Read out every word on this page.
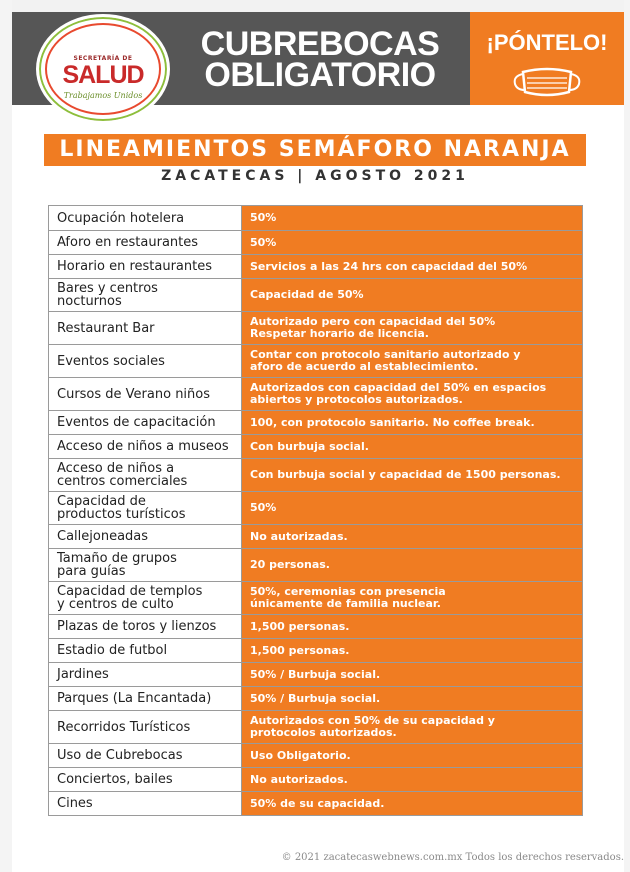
SECRETARÍA DE
SALUD
Trabajamos Unidos
CUBREBOCAS
OBLIGATORIO
¡PÓNTELO!
LINEAMIENTOS SEMÁFORO NARANJA
ZACATECAS | AGOSTO 2021
Ocupación hotelera	50%
Aforo en restaurantes	50%
Horario en restaurantes	Servicios a las 24 hrs con capacidad del 50%
Bares y centros
nocturnos	Capacidad de 50%
Restaurant Bar	Autorizado pero con capacidad del 50%
Respetar horario de licencia.
Eventos sociales	Contar con protocolo sanitario autorizado y
aforo de acuerdo al establecimiento.
Cursos de Verano niños	Autorizados con capacidad del 50% en espacios
abiertos y protocolos autorizados.
Eventos de capacitación	100, con protocolo sanitario. No coffee break.
Acceso de niños a museos	Con burbuja social.
Acceso de niños a
centros comerciales	Con burbuja social y capacidad de 1500 personas.
Capacidad de
productos turísticos	50%
Callejoneadas	No autorizadas.
Tamaño de grupos
para guías	20 personas.
Capacidad de templos
y centros de culto	50%, ceremonias con presencia
únicamente de familia nuclear.
Plazas de toros y lienzos	1,500 personas.
Estadio de futbol	1,500 personas.
Jardines	50% / Burbuja social.
Parques (La Encantada)	50% / Burbuja social.
Recorridos Turísticos	Autorizados con 50% de su capacidad y
protocolos autorizados.
Uso de Cubrebocas	Uso Obligatorio.
Conciertos, bailes	No autorizados.
Cines	50% de su capacidad.
© 2021 zacatecaswebnews.com.mx Todos los derechos reservados.
